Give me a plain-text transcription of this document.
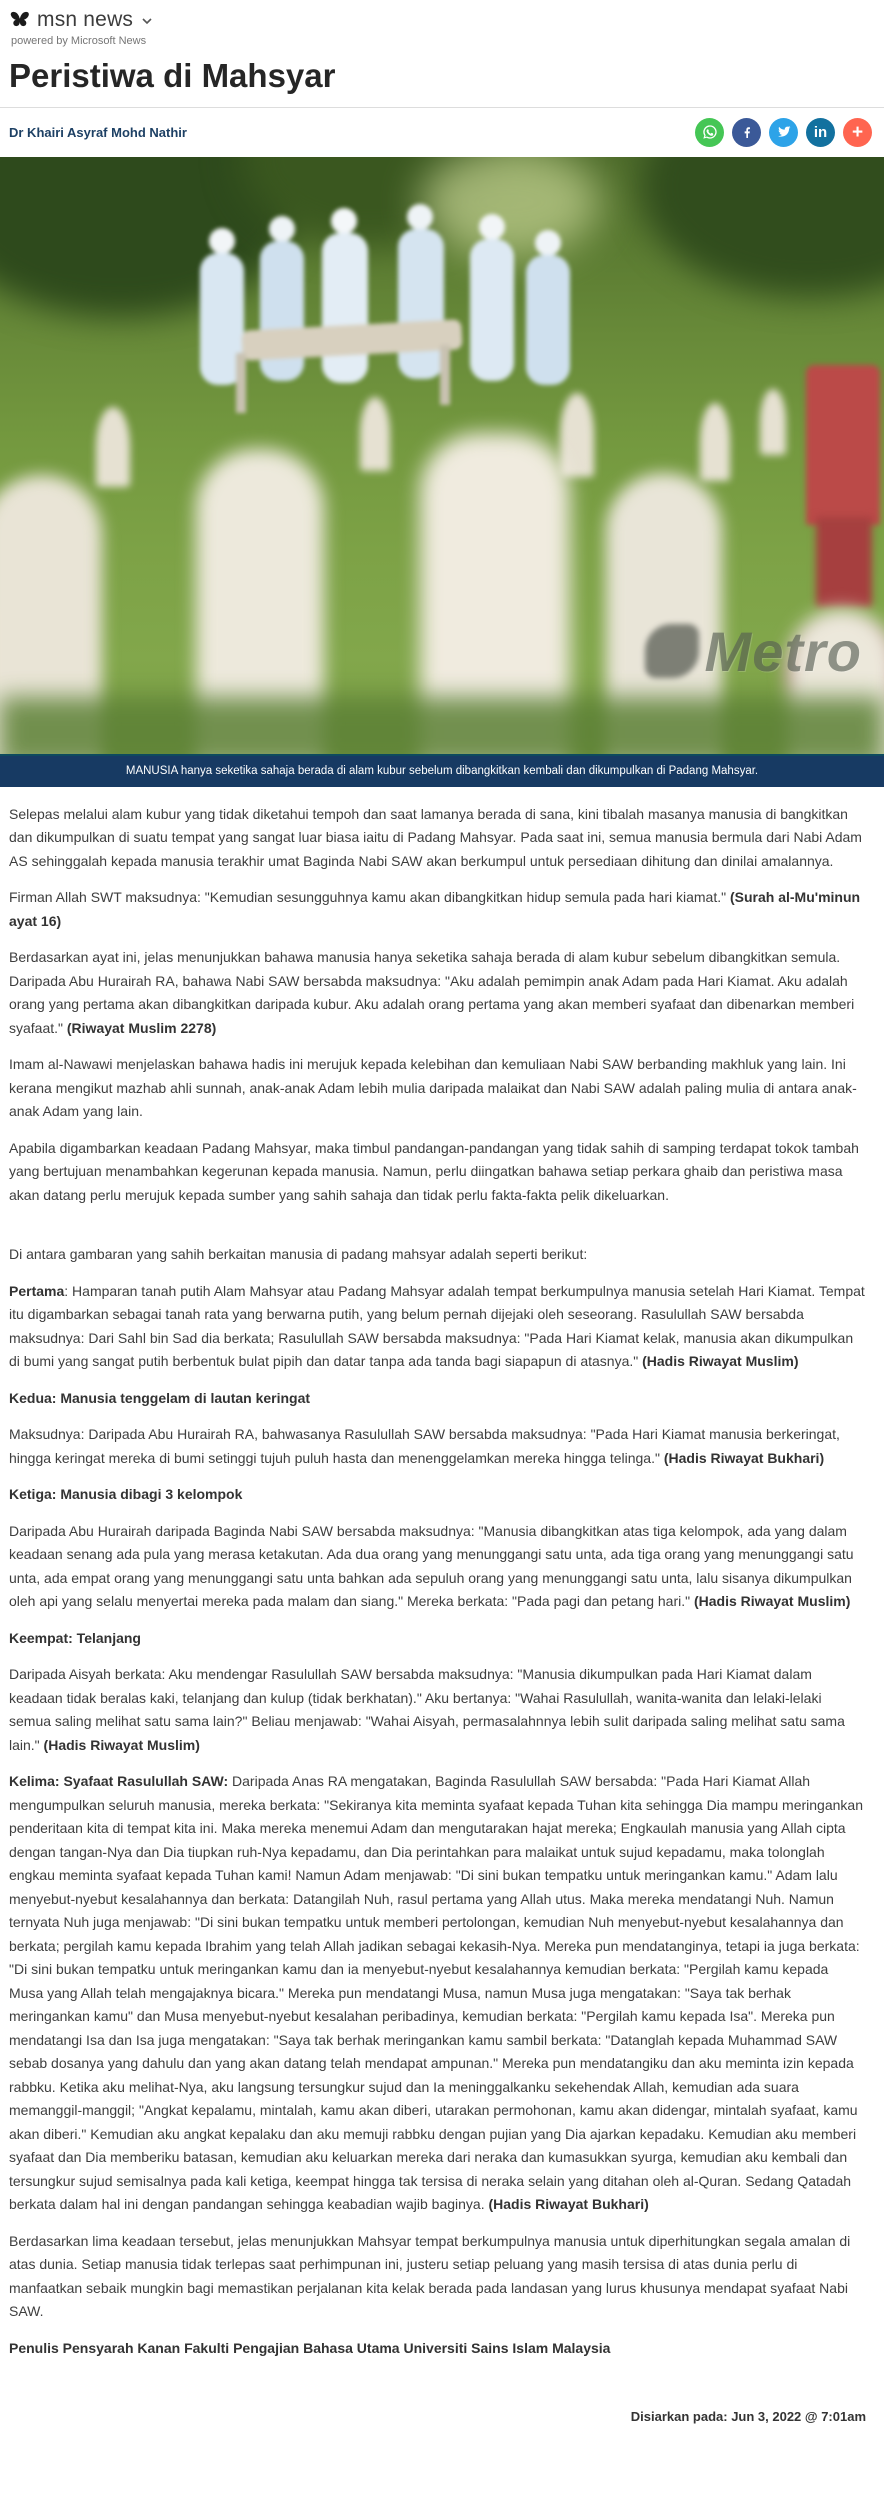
msn news
powered by Microsoft News
Peristiwa di Mahsyar
Dr Khairi Asyraf Mohd Nathir	in +
Metro
MANUSIA hanya seketika sahaja berada di alam kubur sebelum dibangkitkan kembali dan dikumpulkan di Padang Mahsyar.

Selepas melalui alam kubur yang tidak diketahui tempoh dan saat lamanya berada di sana, kini tibalah masanya manusia di bangkitkan dan dikumpulkan di suatu tempat yang sangat luar biasa iaitu di Padang Mahsyar. Pada saat ini, semua manusia bermula dari Nabi Adam AS sehinggalah kepada manusia terakhir umat Baginda Nabi SAW akan berkumpul untuk persediaan dihitung dan dinilai amalannya.

Firman Allah SWT maksudnya: "Kemudian sesungguhnya kamu akan dibangkitkan hidup semula pada hari kiamat." (Surah al-Mu'minun ayat 16)

Berdasarkan ayat ini, jelas menunjukkan bahawa manusia hanya seketika sahaja berada di alam kubur sebelum dibangkitkan semula. Daripada Abu Hurairah RA, bahawa Nabi SAW bersabda maksudnya: "Aku adalah pemimpin anak Adam pada Hari Kiamat. Aku adalah orang yang pertama akan dibangkitkan daripada kubur. Aku adalah orang pertama yang akan memberi syafaat dan dibenarkan memberi syafaat." (Riwayat Muslim 2278)

Imam al-Nawawi menjelaskan bahawa hadis ini merujuk kepada kelebihan dan kemuliaan Nabi SAW berbanding makhluk yang lain. Ini kerana mengikut mazhab ahli sunnah, anak-anak Adam lebih mulia daripada malaikat dan Nabi SAW adalah paling mulia di antara anak-anak Adam yang lain.

Apabila digambarkan keadaan Padang Mahsyar, maka timbul pandangan-pandangan yang tidak sahih di samping terdapat tokok tambah yang bertujuan menambahkan kegerunan kepada manusia. Namun, perlu diingatkan bahawa setiap perkara ghaib dan peristiwa masa akan datang perlu merujuk kepada sumber yang sahih sahaja dan tidak perlu fakta-fakta pelik dikeluarkan.

Di antara gambaran yang sahih berkaitan manusia di padang mahsyar adalah seperti berikut:

Pertama: Hamparan tanah putih Alam Mahsyar atau Padang Mahsyar adalah tempat berkumpulnya manusia setelah Hari Kiamat. Tempat itu digambarkan sebagai tanah rata yang berwarna putih, yang belum pernah dijejaki oleh seseorang. Rasulullah SAW bersabda maksudnya: Dari Sahl bin Sad dia berkata; Rasulullah SAW bersabda maksudnya: "Pada Hari Kiamat kelak, manusia akan dikumpulkan di bumi yang sangat putih berbentuk bulat pipih dan datar tanpa ada tanda bagi siapapun di atasnya." (Hadis Riwayat Muslim)

Kedua: Manusia tenggelam di lautan keringat

Maksudnya: Daripada Abu Hurairah RA, bahwasanya Rasulullah SAW bersabda maksudnya: "Pada Hari Kiamat manusia berkeringat, hingga keringat mereka di bumi setinggi tujuh puluh hasta dan menenggelamkan mereka hingga telinga." (Hadis Riwayat Bukhari)

Ketiga: Manusia dibagi 3 kelompok

Daripada Abu Hurairah daripada Baginda Nabi SAW bersabda maksudnya: "Manusia dibangkitkan atas tiga kelompok, ada yang dalam keadaan senang ada pula yang merasa ketakutan. Ada dua orang yang menunggangi satu unta, ada tiga orang yang menunggangi satu unta, ada empat orang yang menunggangi satu unta bahkan ada sepuluh orang yang menunggangi satu unta, lalu sisanya dikumpulkan oleh api yang selalu menyertai mereka pada malam dan siang." Mereka berkata: "Pada pagi dan petang hari." (Hadis Riwayat Muslim)

Keempat: Telanjang

Daripada Aisyah berkata: Aku mendengar Rasulullah SAW bersabda maksudnya: "Manusia dikumpulkan pada Hari Kiamat dalam keadaan tidak beralas kaki, telanjang dan kulup (tidak berkhatan)." Aku bertanya: "Wahai Rasulullah, wanita-wanita dan lelaki-lelaki semua saling melihat satu sama lain?" Beliau menjawab: "Wahai Aisyah, permasalahnnya lebih sulit daripada saling melihat satu sama lain." (Hadis Riwayat Muslim)

Kelima: Syafaat Rasulullah SAW: Daripada Anas RA mengatakan, Baginda Rasulullah SAW bersabda: "Pada Hari Kiamat Allah mengumpulkan seluruh manusia, mereka berkata: "Sekiranya kita meminta syafaat kepada Tuhan kita sehingga Dia mampu meringankan penderitaan kita di tempat kita ini. Maka mereka menemui Adam dan mengutarakan hajat mereka; Engkaulah manusia yang Allah cipta dengan tangan-Nya dan Dia tiupkan ruh-Nya kepadamu, dan Dia perintahkan para malaikat untuk sujud kepadamu, maka tolonglah engkau meminta syafaat kepada Tuhan kami! Namun Adam menjawab: "Di sini bukan tempatku untuk meringankan kamu." Adam lalu menyebut-nyebut kesalahannya dan berkata: Datangilah Nuh, rasul pertama yang Allah utus. Maka mereka mendatangi Nuh. Namun ternyata Nuh juga menjawab: "Di sini bukan tempatku untuk memberi pertolongan, kemudian Nuh menyebut-nyebut kesalahannya dan berkata; pergilah kamu kepada Ibrahim yang telah Allah jadikan sebagai kekasih-Nya. Mereka pun mendatanginya, tetapi ia juga berkata: "Di sini bukan tempatku untuk meringankan kamu dan ia menyebut-nyebut kesalahannya kemudian berkata: "Pergilah kamu kepada Musa yang Allah telah mengajaknya bicara." Mereka pun mendatangi Musa, namun Musa juga mengatakan: "Saya tak berhak meringankan kamu" dan Musa menyebut-nyebut kesalahan peribadinya, kemudian berkata: "Pergilah kamu kepada Isa". Mereka pun mendatangi Isa dan Isa juga mengatakan: "Saya tak berhak meringankan kamu sambil berkata: "Datanglah kepada Muhammad SAW sebab dosanya yang dahulu dan yang akan datang telah mendapat ampunan." Mereka pun mendatangiku dan aku meminta izin kepada rabbku. Ketika aku melihat-Nya, aku langsung tersungkur sujud dan Ia meninggalkanku sekehendak Allah, kemudian ada suara memanggil-manggil; "Angkat kepalamu, mintalah, kamu akan diberi, utarakan permohonan, kamu akan didengar, mintalah syafaat, kamu akan diberi." Kemudian aku angkat kepalaku dan aku memuji rabbku dengan pujian yang Dia ajarkan kepadaku. Kemudian aku memberi syafaat dan Dia memberiku batasan, kemudian aku keluarkan mereka dari neraka dan kumasukkan syurga, kemudian aku kembali dan tersungkur sujud semisalnya pada kali ketiga, keempat hingga tak tersisa di neraka selain yang ditahan oleh al-Quran. Sedang Qatadah berkata dalam hal ini dengan pandangan sehingga keabadian wajib baginya. (Hadis Riwayat Bukhari)

Berdasarkan lima keadaan tersebut, jelas menunjukkan Mahsyar tempat berkumpulnya manusia untuk diperhitungkan segala amalan di atas dunia. Setiap manusia tidak terlepas saat perhimpunan ini, justeru setiap peluang yang masih tersisa di atas dunia perlu di manfaatkan sebaik mungkin bagi memastikan perjalanan kita kelak berada pada landasan yang lurus khusunya mendapat syafaat Nabi SAW.

Penulis Pensyarah Kanan Fakulti Pengajian Bahasa Utama Universiti Sains Islam Malaysia

Disiarkan pada: Jun 3, 2022 @ 7:01am
